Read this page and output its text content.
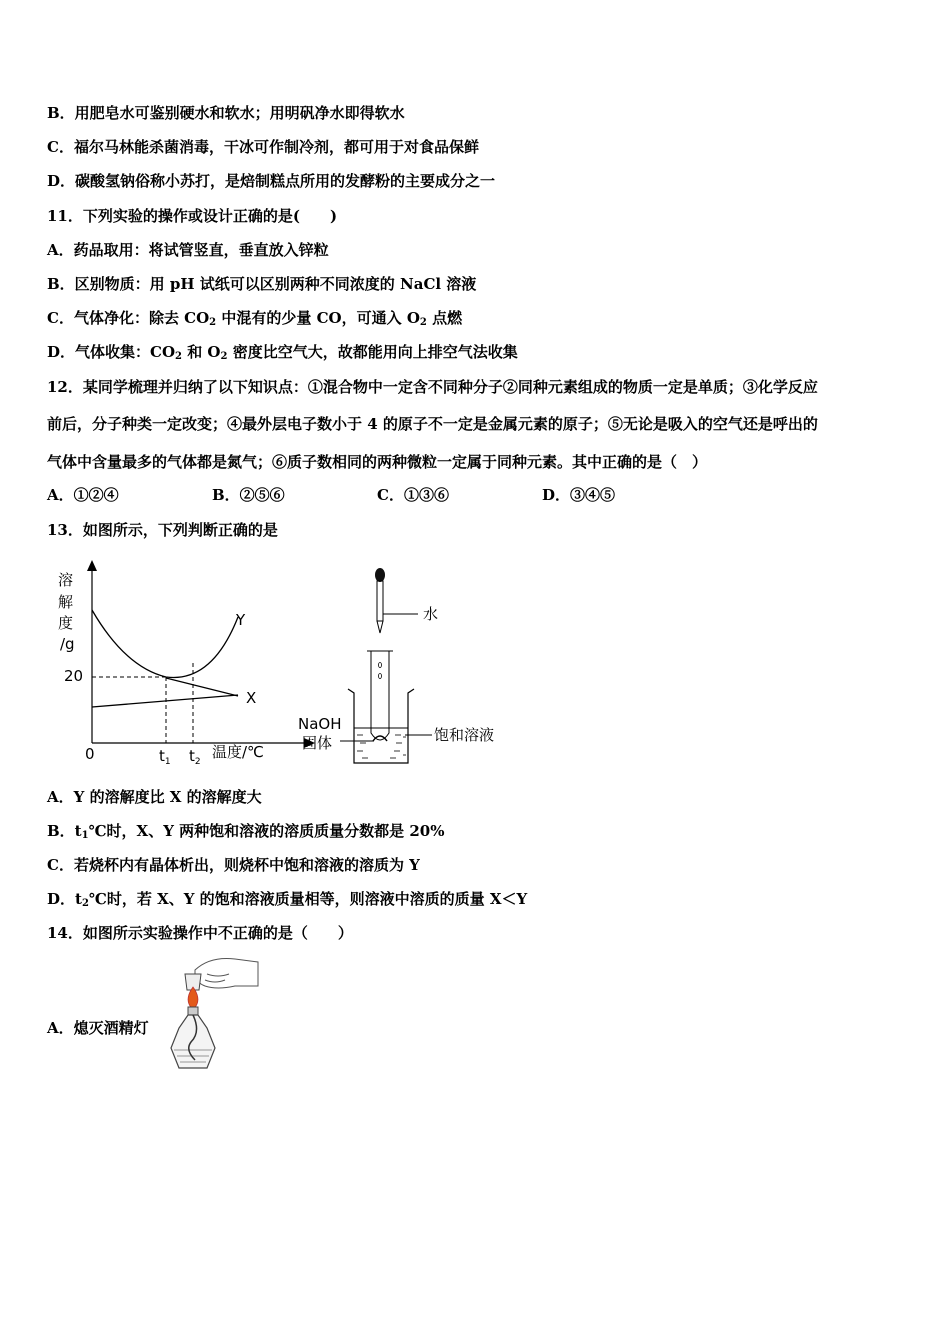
B．用肥皂水可鉴别硬水和软水；用明矾净水即得软水
C．福尔马林能杀菌消毒，干冰可作制冷剂，都可用于对食品保鲜
D．碳酸氢钠俗称小苏打，是焙制糕点所用的发酵粉的主要成分之一
11．下列实验的操作或设计正确的是(　　)
A．药品取用：将试管竖直，垂直放入锌粒
B．区别物质：用 pH 试纸可以区别两种不同浓度的 NaCl 溶液
C．气体净化：除去 $CO_2$ 中混有的少量 CO，可通入 $O_2$ 点燃
D．气体收集：$CO_2$ 和 $O_2$ 密度比空气大，故都能用向上排空气法收集
12．某同学梳理并归纳了以下知识点：①混合物中一定含不同种分子②同种元素组成的物质一定是单质；③化学反应
前后，分子种类一定改变；④最外层电子数小于 4 的原子不一定是金属元素的原子；⑤无论是吸入的空气还是呼出的
气体中含量最多的气体都是氮气；⑥质子数相同的两种微粒一定属于同种元素。其中正确的是（　）
A．①②④	B．②⑤⑥	C．①③⑥	D．③④⑤
13．如图所示，下列判断正确的是
溶
解
度
/g
20
0
Y
X
$t_1$ $t_2$
温度/℃
水
NaOH
固体	饱和溶液
A．Y 的溶解度比 X 的溶解度大
B．$t_1℃$时，X、Y 两种饱和溶液的溶质质量分数都是 20%
C．若烧杯内有晶体析出，则烧杯中饱和溶液的溶质为 Y
D．$t_2℃$时，若 X、Y 的饱和溶液质量相等，则溶液中溶质的质量 X＜Y
14．如图所示实验操作中不正确的是（　　）
A．熄灭酒精灯
